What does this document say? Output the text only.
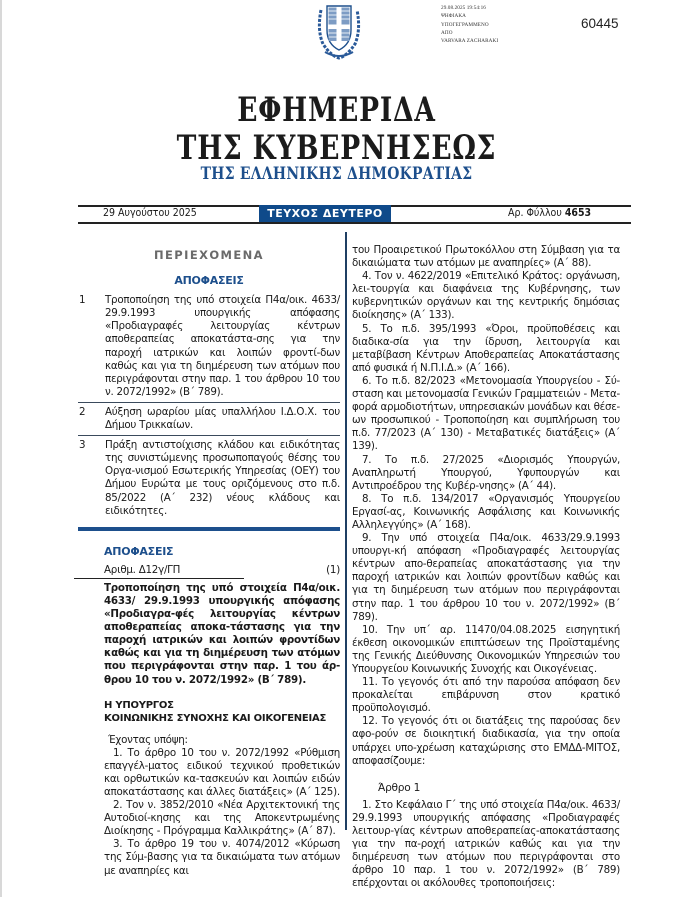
29.08.2025 19:54:16
ΨΗΦΙΑΚΑ
ΥΠΟΓΕΓΡΑΜΜΕΝΟ
ΑΠΟ
VARVARA ZACHARAKI
60445
ΕΦΗΜΕΡΙΔΑ
ΤΗΣ ΚΥΒΕΡΝΗΣΕΩΣ
ΤΗΣ ΕΛΛΗΝΙΚΗΣ ΔΗΜΟΚΡΑΤΙΑΣ
29 Αυγούστου 2025	ΤΕΥΧΟΣ ΔΕΥΤΕΡΟ	Αρ. Φύλλου 4653
ΠΕΡΙΕΧΟΜΕΝΑ
ΑΠΟΦΑΣΕΙΣ
1	Τροποποίηση της υπό στοιχεία Π4α/οικ. 4633/ 29.9.1993 υπουργικής απόφασης «Προδιαγραφές λειτουργίας κέντρων αποθεραπείας αποκατάστα-σης για την παροχή ιατρικών και λοιπών φροντί-δων καθώς και για τη διημέρευση των ατόμων που περιγράφονται στην παρ. 1 του άρθρου 10 του ν. 2072/1992» (Β΄ 789).
2	Αύξηση ωραρίου μίας υπαλλήλου Ι.Δ.Ο.Χ. του Δήμου Τρικκαίων.
3	Πράξη αντιστοίχισης κλάδου και ειδικότητας της συνιστώμενης προσωποπαγούς θέσης του Οργα-νισμού Εσωτερικής Υπηρεσίας (ΟΕΥ) του Δήμου Ευρώτα με τους οριζόμενους στο π.δ. 85/2022 (Α΄ 232) νέους κλάδους και ειδικότητες.
ΑΠΟΦΑΣΕΙΣ
Αριθμ. Δ12γ/ΓΠ	(1)
Τροποποίηση της υπό στοιχεία Π4α/οικ. 4633/ 29.9.1993 υπουργικής απόφασης «Προδιαγρα-φές λειτουργίας κέντρων αποθεραπείας αποκα-τάστασης για την παροχή ιατρικών και λοιπών φροντίδων καθώς και για τη διημέρευση των ατόμων που περιγράφονται στην παρ. 1 του άρ-θρου 10 του ν. 2072/1992» (Β΄ 789).
Η ΥΠΟΥΡΓΟΣ
ΚΟΙΝΩΝΙΚΗΣ ΣΥΝΟΧΗΣ ΚΑΙ ΟΙΚΟΓΕΝΕΙΑΣ
Έχοντας υπόψη:
1. Το άρθρο 10 του ν. 2072/1992 «Ρύθμιση επαγγέλ-ματος ειδικού τεχνικού προθετικών και ορθωτικών κα-τασκευών και λοιπών ειδών αποκατάστασης και άλλες διατάξεις» (Α΄ 125).
2. Τον ν. 3852/2010 «Νέα Αρχιτεκτονική της Αυτοδιοί-κησης και της Αποκεντρωμένης Διοίκησης - Πρόγραμμα Καλλικράτης» (Α΄ 87).
3. Το άρθρο 19 του ν. 4074/2012 «Κύρωση της Σύμ-βασης για τα δικαιώματα των ατόμων με αναπηρίες και
του Προαιρετικού Πρωτοκόλλου στη Σύμβαση για τα δικαιώματα των ατόμων με αναπηρίες» (Α΄ 88).
4. Τον ν. 4622/2019 «Επιτελικό Κράτος: οργάνωση, λει-τουργία και διαφάνεια της Κυβέρνησης, των κυβερνητικών οργάνων και της κεντρικής δημόσιας διοίκησης» (Α΄ 133).
5. Το π.δ. 395/1993 «Όροι, προϋποθέσεις και διαδικα-σία για την ίδρυση, λειτουργία και μεταβίβαση Κέντρων Αποθεραπείας Αποκατάστασης από φυσικά ή Ν.Π.Ι.Δ.» (Α΄ 166).
6. Το π.δ. 82/2023 «Μετονομασία Υπουργείου - Σύ-σταση και μετονομασία Γενικών Γραμματειών - Μετα-φορά αρμοδιοτήτων, υπηρεσιακών μονάδων και θέσε-ων προσωπικού - Τροποποίηση και συμπλήρωση του π.δ. 77/2023 (Α΄ 130) - Μεταβατικές διατάξεις» (Α΄ 139).
7. Το π.δ. 27/2025 «Διορισμός Υπουργών, Αναπληρωτή Υπουργού, Υφυπουργών και Αντιπροέδρου της Κυβέρ-νησης» (Α΄ 44).
8. Το π.δ. 134/2017 «Οργανισμός Υπουργείου Εργασί-ας, Κοινωνικής Ασφάλισης και Κοινωνικής Αλληλεγγύης» (Α΄ 168).
9. Την υπό στοιχεία Π4α/οικ. 4633/29.9.1993 υπουργι-κή απόφαση «Προδιαγραφές λειτουργίας κέντρων απο-θεραπείας αποκατάστασης για την παροχή ιατρικών και λοιπών φροντίδων καθώς και για τη διημέρευση των ατόμων που περιγράφονται στην παρ. 1 του άρθρου 10 του ν. 2072/1992» (Β΄ 789).
10. Την υπ΄ αρ. 11470/04.08.2025 εισηγητική έκθεση οικονομικών επιπτώσεων της Προϊσταμένης της Γενικής Διεύθυνσης Οικονομικών Υπηρεσιών του Υπουργείου Κοινωνικής Συνοχής και Οικογένειας.
11. Το γεγονός ότι από την παρούσα απόφαση δεν προκαλείται επιβάρυνση στον κρατικό προϋπολογισμό.
12. Το γεγονός ότι οι διατάξεις της παρούσας δεν αφο-ρούν σε διοικητική διαδικασία, για την οποία υπάρχει υπο-χρέωση καταχώρισης στο ΕΜΔΔ-ΜΙΤΟΣ, αποφασίζουμε:
Άρθρο 1
1. Στο Κεφάλαιο Γ΄ της υπό στοιχεία Π4α/οικ. 4633/ 29.9.1993 υπουργικής απόφασης «Προδιαγραφές λειτουρ-γίας κέντρων αποθεραπείας-αποκατάστασης για την πα-ροχή ιατρικών καθώς και για την διημέρευση των ατόμων που περιγράφονται στο άρθρο 10 παρ. 1 του ν. 2072/1992» (Β΄ 789) επέρχονται οι ακόλουθες τροποποιήσεις:
